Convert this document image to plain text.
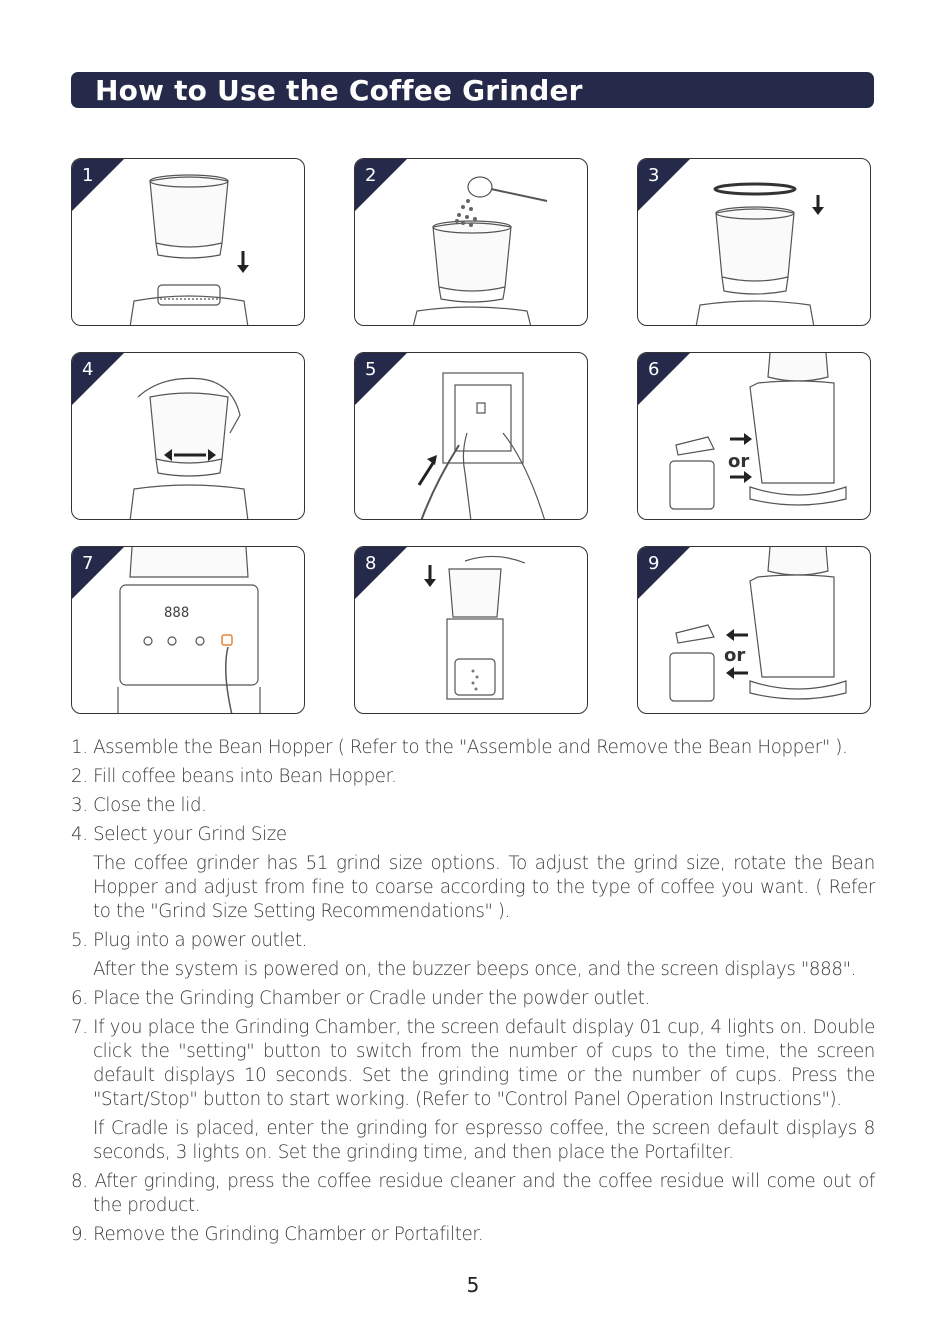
How to Use the Coffee Grinder
1	2	3
4	5
or
6
888
7	8
or
9

1. Assemble the Bean Hopper ( Refer to the "Assemble and Remove the Bean Hopper" ).

2. Fill coffee beans into Bean Hopper.

3. Close the lid.

4. Select your Grind Size

The coffee grinder has 51 grind size options. To adjust the grind size, rotate the Bean Hopper and adjust from fine to coarse according to the type of coffee you want. ( Refer to the "Grind Size Setting Recommendations" ).

5. Plug into a power outlet.

After the system is powered on, the buzzer beeps once, and the screen displays "888".

6. Place the Grinding Chamber or Cradle under the powder outlet.

7. If you place the Grinding Chamber, the screen default display 01 cup, 4 lights on. Double click the "setting" button to switch from the number of cups to the time, the screen default displays 10 seconds. Set the grinding time or the number of cups. Press the "Start/Stop" button to start working. (Refer to "Control Panel Operation Instructions").

If Cradle is placed, enter the grinding for espresso coffee, the screen default displays 8 seconds, 3 lights on. Set the grinding time, and then place the Portafilter.

8. After grinding, press the coffee residue cleaner and the coffee residue will come out of the product.

9. Remove the Grinding Chamber or Portafilter.

5
